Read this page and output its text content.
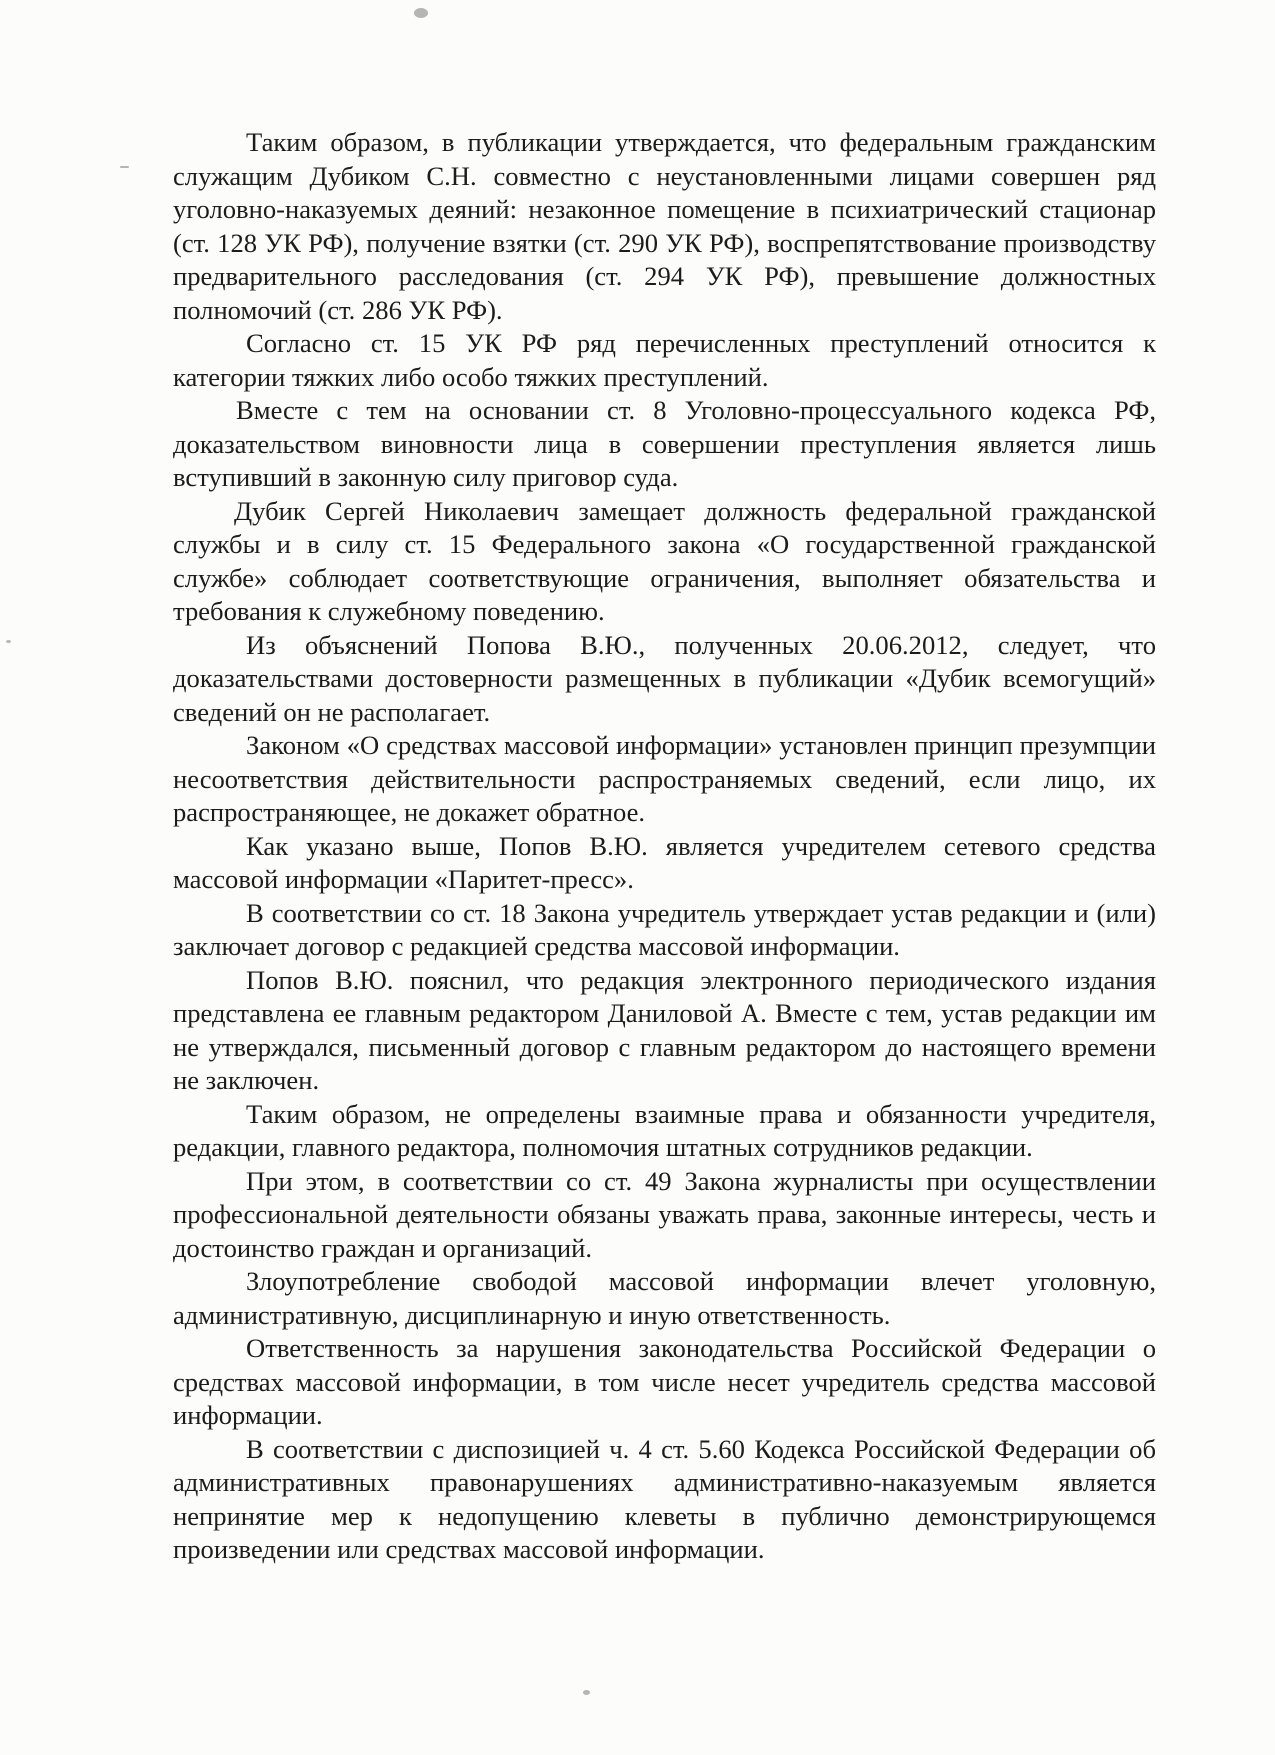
Таким образом, в публикации утверждается, что федеральным гражданским служащим Дубиком С.Н. совместно с неустановленными лицами совершен ряд уголовно-наказуемых деяний: незаконное помещение в психиатрический стационар (ст. 128 УК РФ), получение взятки (ст. 290 УК РФ), воспрепятствование производству предварительного расследования (ст. 294 УК РФ), превышение должностных полномочий (ст. 286 УК РФ).

Согласно ст. 15 УК РФ ряд перечисленных преступлений относится к категории тяжких либо особо тяжких преступлений.

Вместе с тем на основании ст. 8 Уголовно-процессуального кодекса РФ, доказательством виновности лица в совершении преступления является лишь вступивший в законную силу приговор суда.

Дубик Сергей Николаевич замещает должность федеральной гражданской службы и в силу ст. 15 Федерального закона «О государственной гражданской службе» соблюдает соответствующие ограничения, выполняет обязательства и требования к служебному поведению.

Из объяснений Попова В.Ю., полученных 20.06.2012, следует, что доказательствами достоверности размещенных в публикации «Дубик всемогущий» сведений он не располагает.

Законом «О средствах массовой информации» установлен принцип презумпции несоответствия действительности распространяемых сведений, если лицо, их распространяющее, не докажет обратное.

Как указано выше, Попов В.Ю. является учредителем сетевого средства массовой информации «Паритет-пресс».

В соответствии со ст. 18 Закона учредитель утверждает устав редакции и (или) заключает договор с редакцией средства массовой информации.

Попов В.Ю. пояснил, что редакция электронного периодического издания представлена ее главным редактором Даниловой А. Вместе с тем, устав редакции им не утверждался, письменный договор с главным редактором до настоящего времени не заключен.

Таким образом, не определены взаимные права и обязанности учредителя, редакции, главного редактора, полномочия штатных сотрудников редакции.

При этом, в соответствии со ст. 49 Закона журналисты при осуществлении профессиональной деятельности обязаны уважать права, законные интересы, честь и достоинство граждан и организаций.

Злоупотребление свободой массовой информации влечет уголовную, административную, дисциплинарную и иную ответственность.

Ответственность за нарушения законодательства Российской Федерации о средствах массовой информации, в том числе несет учредитель средства массовой информации.

В соответствии с диспозицией ч. 4 ст. 5.60 Кодекса Российской Федерации об административных правонарушениях административно-наказуемым является непринятие мер к недопущению клеветы в публично демонстрирующемся произведении или средствах массовой информации.
